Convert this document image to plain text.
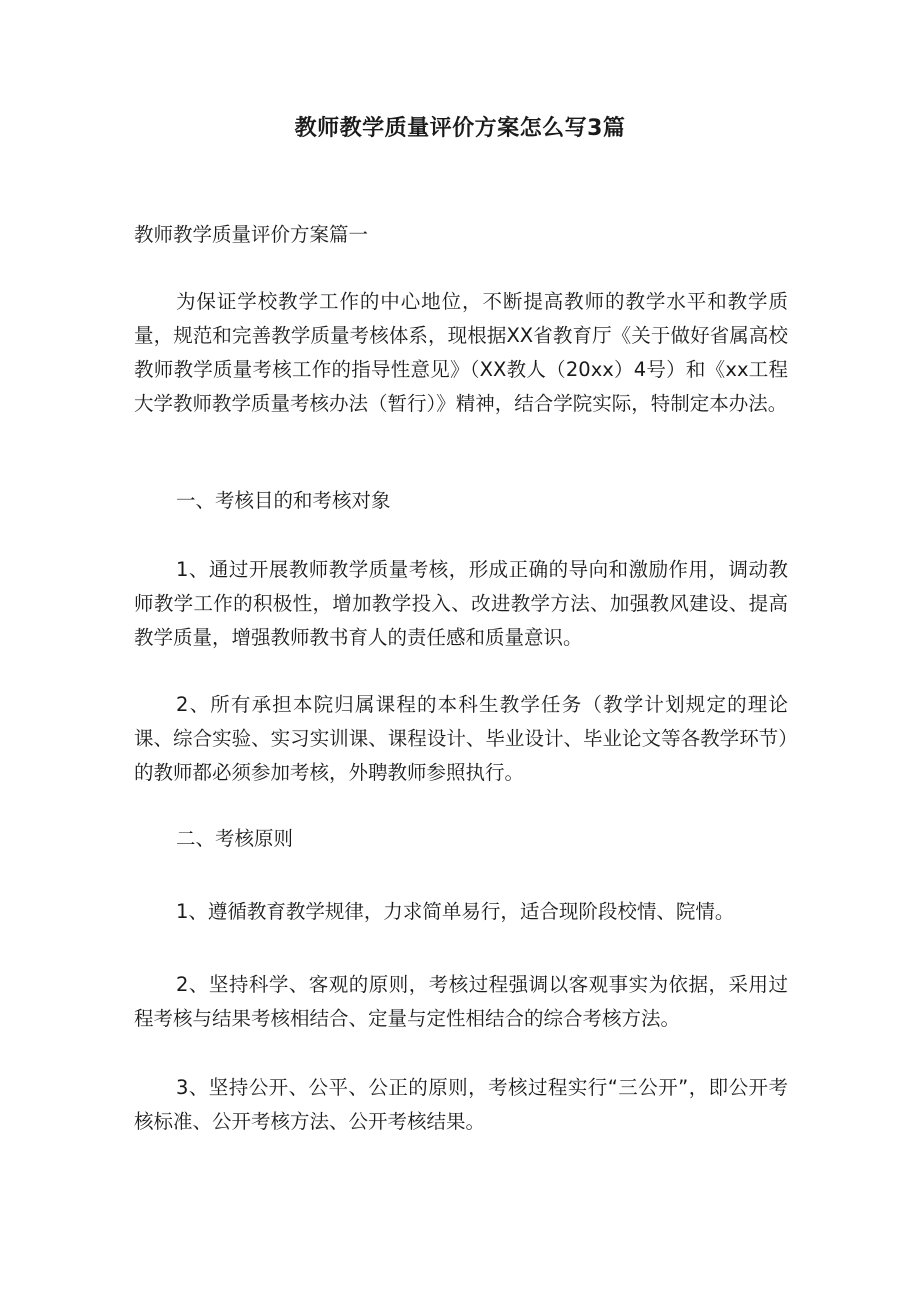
教师教学质量评价方案怎么写3篇

教师教学质量评价方案篇一

为保证学校教学工作的中心地位，不断提高教师的教学水平和教学质量，规范和完善教学质量考核体系，现根据XX省教育厅《关于做好省属高校教师教学质量考核工作的指导性意见》（XX教人（20xx）4号）和《xx工程大学教师教学质量考核办法（暂行）》精神，结合学院实际，特制定本办法。

一、考核目的和考核对象

1、通过开展教师教学质量考核，形成正确的导向和激励作用，调动教师教学工作的积极性，增加教学投入、改进教学方法、加强教风建设、提高教学质量，增强教师教书育人的责任感和质量意识。

2、所有承担本院归属课程的本科生教学任务（教学计划规定的理论课、综合实验、实习实训课、课程设计、毕业设计、毕业论文等各教学环节）的教师都必须参加考核，外聘教师参照执行。

二、考核原则

1、遵循教育教学规律，力求简单易行，适合现阶段校情、院情。

2、坚持科学、客观的原则，考核过程强调以客观事实为依据，采用过程考核与结果考核相结合、定量与定性相结合的综合考核方法。

3、坚持公开、公平、公正的原则，考核过程实行“三公开”，即公开考核标准、公开考核方法、公开考核结果。
